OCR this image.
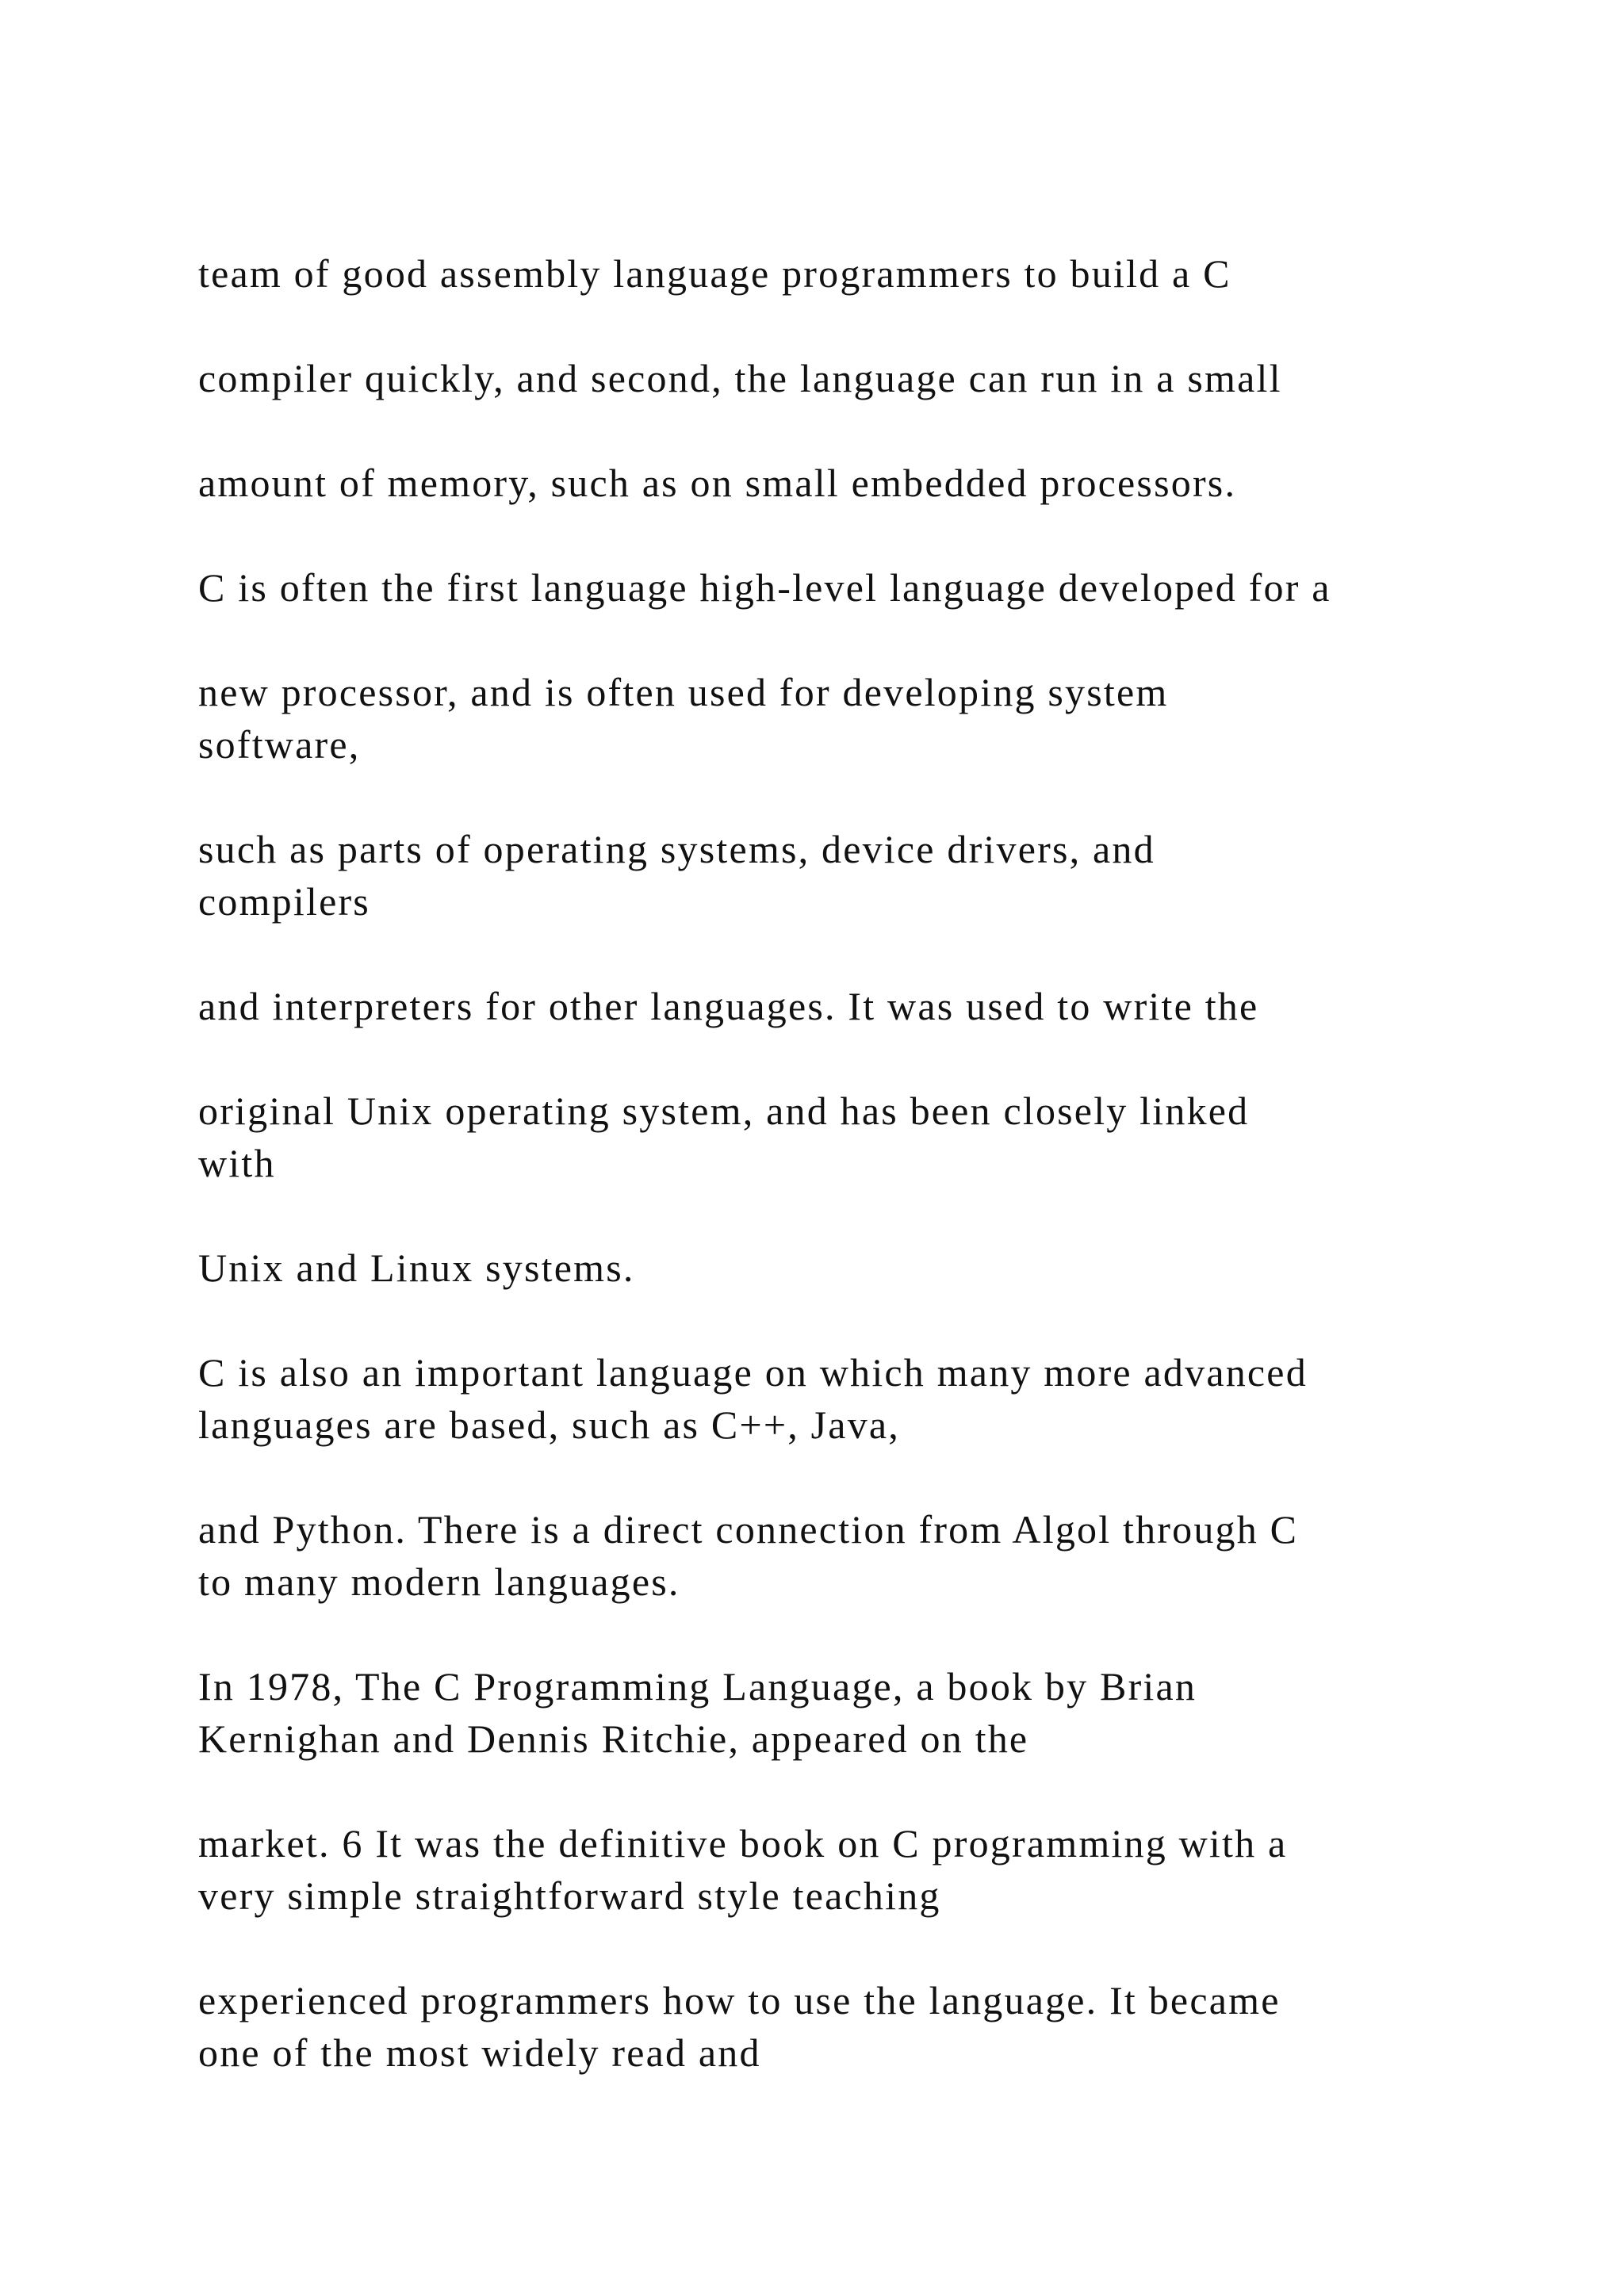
team of good assembly language programmers to build a C

compiler quickly, and second, the language can run in a small

amount of memory, such as on small embedded processors.

C is often the first language high-level language developed for a

new processor, and is often used for developing system
software,

such as parts of operating systems, device drivers, and
compilers

and interpreters for other languages. It was used to write the

original Unix operating system, and has been closely linked
with

Unix and Linux systems.

C is also an important language on which many more advanced
languages are based, such as C++, Java,

and Python. There is a direct connection from Algol through C
to many modern languages.

In 1978, The C Programming Language, a book by Brian
Kernighan and Dennis Ritchie, appeared on the

market. 6 It was the definitive book on C programming with a
very simple straightforward style teaching

experienced programmers how to use the language. It became
one of the most widely read and
